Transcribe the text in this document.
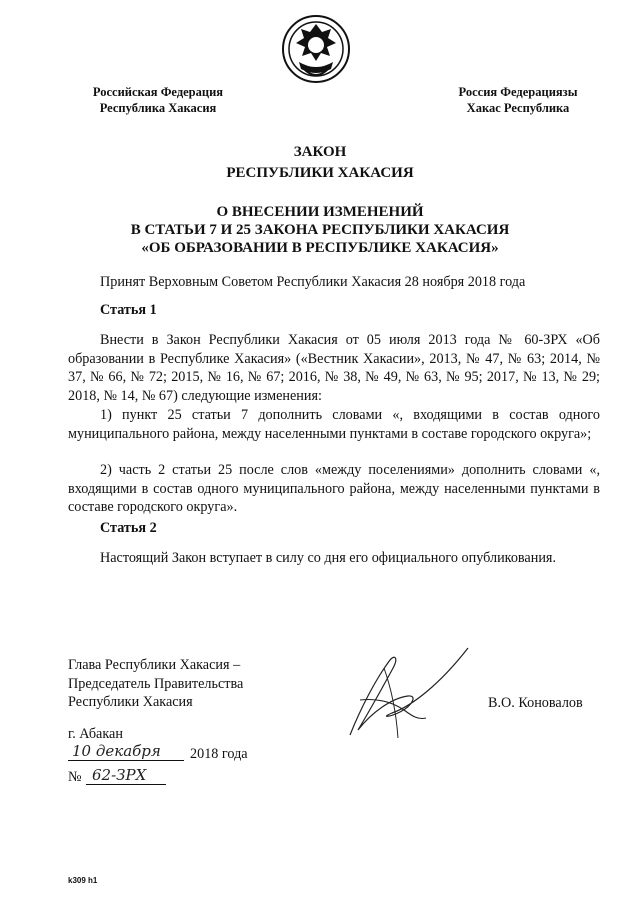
Российская Федерация
Республика Хакасия
Россия Федерациязы
Хакас Республика
ЗАКОН
РЕСПУБЛИКИ ХАКАСИЯ
О ВНЕСЕНИИ ИЗМЕНЕНИЙ
В СТАТЬИ 7 И 25 ЗАКОНА РЕСПУБЛИКИ ХАКАСИЯ
«ОБ ОБРАЗОВАНИИ В РЕСПУБЛИКЕ ХАКАСИЯ»
Принят Верховным Советом Республики Хакасия 28 ноября 2018 года
Статья 1
Внести в Закон Республики Хакасия от 05 июля 2013 года № 60-ЗРХ «Об образовании в Республике Хакасия» («Вестник Хакасии», 2013, № 47, № 63; 2014, № 37, № 66, № 72; 2015, № 16, № 67; 2016, № 38, № 49, № 63, № 95; 2017, № 13, № 29; 2018, № 14, № 67) следующие изменения:
1) пункт 25 статьи 7 дополнить словами «, входящими в состав одного муниципального района, между населенными пунктами в составе городского округа»;
2) часть 2 статьи 25 после слов «между поселениями» дополнить словами «, входящими в состав одного муниципального района, между населенными пунктами в составе городского округа».
Статья 2
Настоящий Закон вступает в силу со дня его официального опубликования.
Глава Республики Хакасия –
Председатель Правительства
Республики Хакасия	В.О. Коновалов
г. Абакан
10 декабря	2018 года
№ 62-ЗРХ
k309 h1
